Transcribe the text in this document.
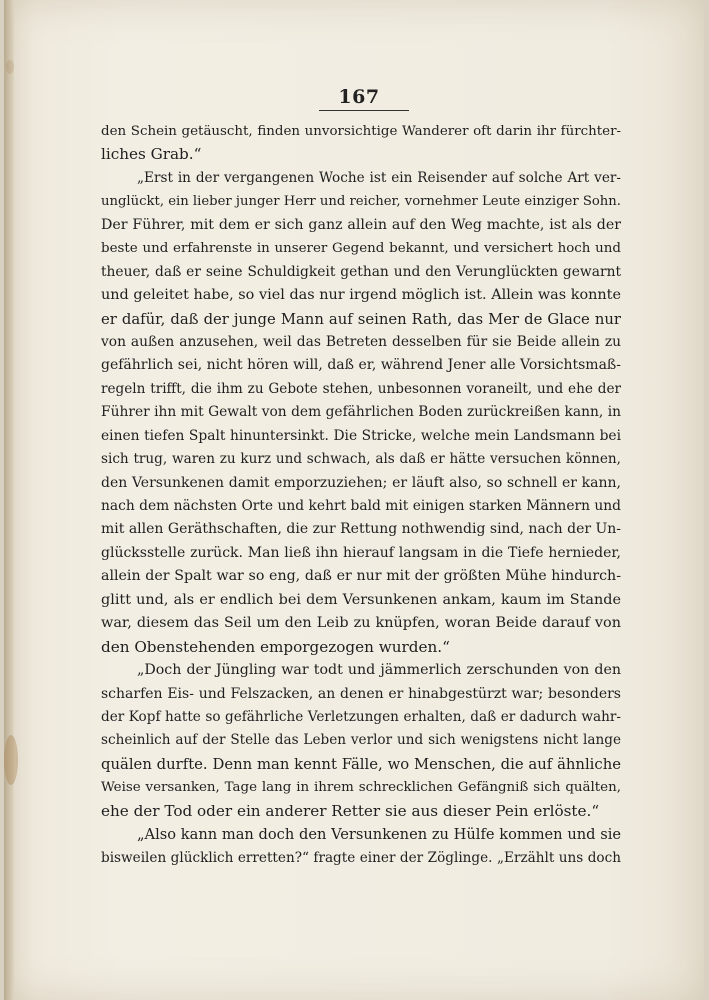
167
den Schein getäuscht, finden unvorsichtige Wanderer oft darin ihr fürchter-
liches Grab.“
„Erst in der vergangenen Woche ist ein Reisender auf solche Art ver-
unglückt, ein lieber junger Herr und reicher, vornehmer Leute einziger Sohn.
Der Führer, mit dem er sich ganz allein auf den Weg machte, ist als der
beste und erfahrenste in unserer Gegend bekannt, und versichert hoch und
theuer, daß er seine Schuldigkeit gethan und den Verunglückten gewarnt
und geleitet habe, so viel das nur irgend möglich ist. Allein was konnte
er dafür, daß der junge Mann auf seinen Rath, das Mer de Glace nur
von außen anzusehen, weil das Betreten desselben für sie Beide allein zu
gefährlich sei, nicht hören will, daß er, während Jener alle Vorsichtsmaß-
regeln trifft, die ihm zu Gebote stehen, unbesonnen voraneilt, und ehe der
Führer ihn mit Gewalt von dem gefährlichen Boden zurückreißen kann, in
einen tiefen Spalt hinuntersinkt. Die Stricke, welche mein Landsmann bei
sich trug, waren zu kurz und schwach, als daß er hätte versuchen können,
den Versunkenen damit emporzuziehen; er läuft also, so schnell er kann,
nach dem nächsten Orte und kehrt bald mit einigen starken Männern und
mit allen Geräthschaften, die zur Rettung nothwendig sind, nach der Un-
glücksstelle zurück. Man ließ ihn hierauf langsam in die Tiefe hernieder,
allein der Spalt war so eng, daß er nur mit der größten Mühe hindurch-
glitt und, als er endlich bei dem Versunkenen ankam, kaum im Stande
war, diesem das Seil um den Leib zu knüpfen, woran Beide darauf von
den Obenstehenden emporgezogen wurden.“
„Doch der Jüngling war todt und jämmerlich zerschunden von den
scharfen Eis- und Felszacken, an denen er hinabgestürzt war; besonders
der Kopf hatte so gefährliche Verletzungen erhalten, daß er dadurch wahr-
scheinlich auf der Stelle das Leben verlor und sich wenigstens nicht lange
quälen durfte. Denn man kennt Fälle, wo Menschen, die auf ähnliche
Weise versanken, Tage lang in ihrem schrecklichen Gefängniß sich quälten,
ehe der Tod oder ein anderer Retter sie aus dieser Pein erlöste.“
„Also kann man doch den Versunkenen zu Hülfe kommen und sie
bisweilen glücklich erretten?“ fragte einer der Zöglinge. „Erzählt uns doch
